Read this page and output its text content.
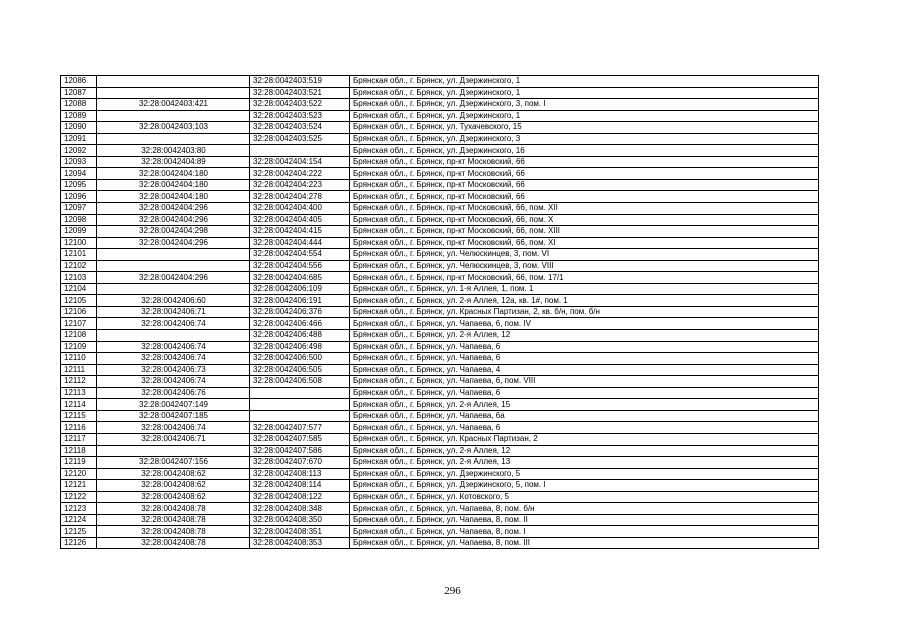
12086		32:28:0042403:519	Брянская обл., г. Брянск, ул. Дзержинского, 1
12087		32:28:0042403:521	Брянская обл., г. Брянск, ул. Дзержинского, 1
12088	32:28:0042403:421	32:28:0042403:522	Брянская обл., г. Брянск, ул. Дзержинского, 3, пом. I
12089		32:28:0042403:523	Брянская обл., г. Брянск, ул. Дзержинского, 1
12090	32:28:0042403:103	32:28:0042403:524	Брянская обл., г. Брянск, ул. Тухачевского, 15
12091		32:28:0042403:525	Брянская обл., г. Брянск, ул. Дзержинского, 3
12092	32:28:0042403:80		Брянская обл., г. Брянск, ул. Дзержинского, 16
12093	32:28:0042404:89	32:28:0042404:154	Брянская обл., г. Брянск, пр-кт Московский, 66
12094	32:28:0042404:180	32:28:0042404:222	Брянская обл., г. Брянск, пр-кт Московский, 66
12095	32:28:0042404:180	32:28:0042404:223	Брянская обл., г. Брянск, пр-кт Московский, 66
12096	32:28:0042404:180	32:28:0042404:278	Брянская обл., г. Брянск, пр-кт Московский, 66
12097	32:28:0042404:296	32:28:0042404:400	Брянская обл., г. Брянск, пр-кт Московский, 66, пом. XII
12098	32:28:0042404:296	32:28:0042404:405	Брянская обл., г. Брянск, пр-кт Московский, 66, пом. X
12099	32:28:0042404:298	32:28:0042404:415	Брянская обл., г. Брянск, пр-кт Московский, 66, пом. XIII
12100	32:28:0042404:296	32:28:0042404:444	Брянская обл., г. Брянск, пр-кт Московский, 66, пом. XI
12101		32:28:0042404:554	Брянская обл., г. Брянск, ул. Челюскинцев, 3, пом. VI
12102		32:28:0042404:556	Брянская обл., г. Брянск, ул. Челюскинцев, 3, пом. VIII
12103	32:28:0042404:296	32:28:0042404:685	Брянская обл., г. Брянск, пр-кт Московский, 66, пом. 17/1
12104		32:28:0042406:109	Брянская обл., г. Брянск, ул. 1-я Аллея, 1, пом. 1
12105	32:28:0042406:60	32:28:0042406:191	Брянская обл., г. Брянск, ул. 2-я Аллея, 12а, кв. 1#, пом. 1
12106	32:28:0042406:71	32:28:0042406:376	Брянская обл., г. Брянск, ул. Красных Партизан, 2, кв. б/н, пом. б/н
12107	32:28:0042406:74	32:28:0042406:466	Брянская обл., г. Брянск, ул. Чапаева, 6, пом. IV
12108		32:28:0042406:488	Брянская обл., г. Брянск, ул. 2-я Аллея, 12
12109	32:28:0042406:74	32:28:0042406:498	Брянская обл., г. Брянск, ул. Чапаева, 6
12110	32:28:0042406:74	32:28:0042406:500	Брянская обл., г. Брянск, ул. Чапаева, 6
12111	32:28:0042406:73	32:28:0042406:505	Брянская обл., г. Брянск, ул. Чапаева, 4
12112	32:28:0042406:74	32:28:0042406:508	Брянская обл., г. Брянск, ул. Чапаева, 6, пом. VIII
12113	32:28:0042406:76		Брянская обл., г. Брянск, ул. Чапаева, 6
12114	32:28:0042407:149		Брянская обл., г. Брянск, ул. 2-я Аллея, 15
12115	32:28:0042407:185		Брянская обл., г. Брянск, ул. Чапаева, 6а
12116	32:28:0042406:74	32:28:0042407:577	Брянская обл., г. Брянск, ул. Чапаева, 6
12117	32:28:0042406:71	32:28:0042407:585	Брянская обл., г. Брянск, ул. Красных Партизан, 2
12118		32:28:0042407:586	Брянская обл., г. Брянск, ул. 2-я Аллея, 12
12119	32:28:0042407:156	32:28:0042407:670	Брянская обл., г. Брянск, ул. 2-я Аллея, 13
12120	32:28:0042408:62	32:28:0042408:113	Брянская обл., г. Брянск, ул. Дзержинского, 5
12121	32:28:0042408:62	32:28:0042408:114	Брянская обл., г. Брянск, ул. Дзержинского, 5, пом. I
12122	32:28:0042408:62	32:28:0042408:122	Брянская обл., г. Брянск, ул. Котовского, 5
12123	32:28:0042408:78	32:28:0042408:348	Брянская обл., г. Брянск, ул. Чапаева, 8, пом. б/н
12124	32:28:0042408:78	32:28:0042408:350	Брянская обл., г. Брянск, ул. Чапаева, 8, пом. II
12125	32:28:0042408:78	32:28:0042408:351	Брянская обл., г. Брянск, ул. Чапаева, 8, пом. I
12126	32:28:0042408:78	32:28:0042408:353	Брянская обл., г. Брянск, ул. Чапаева, 8, пом. III
296
